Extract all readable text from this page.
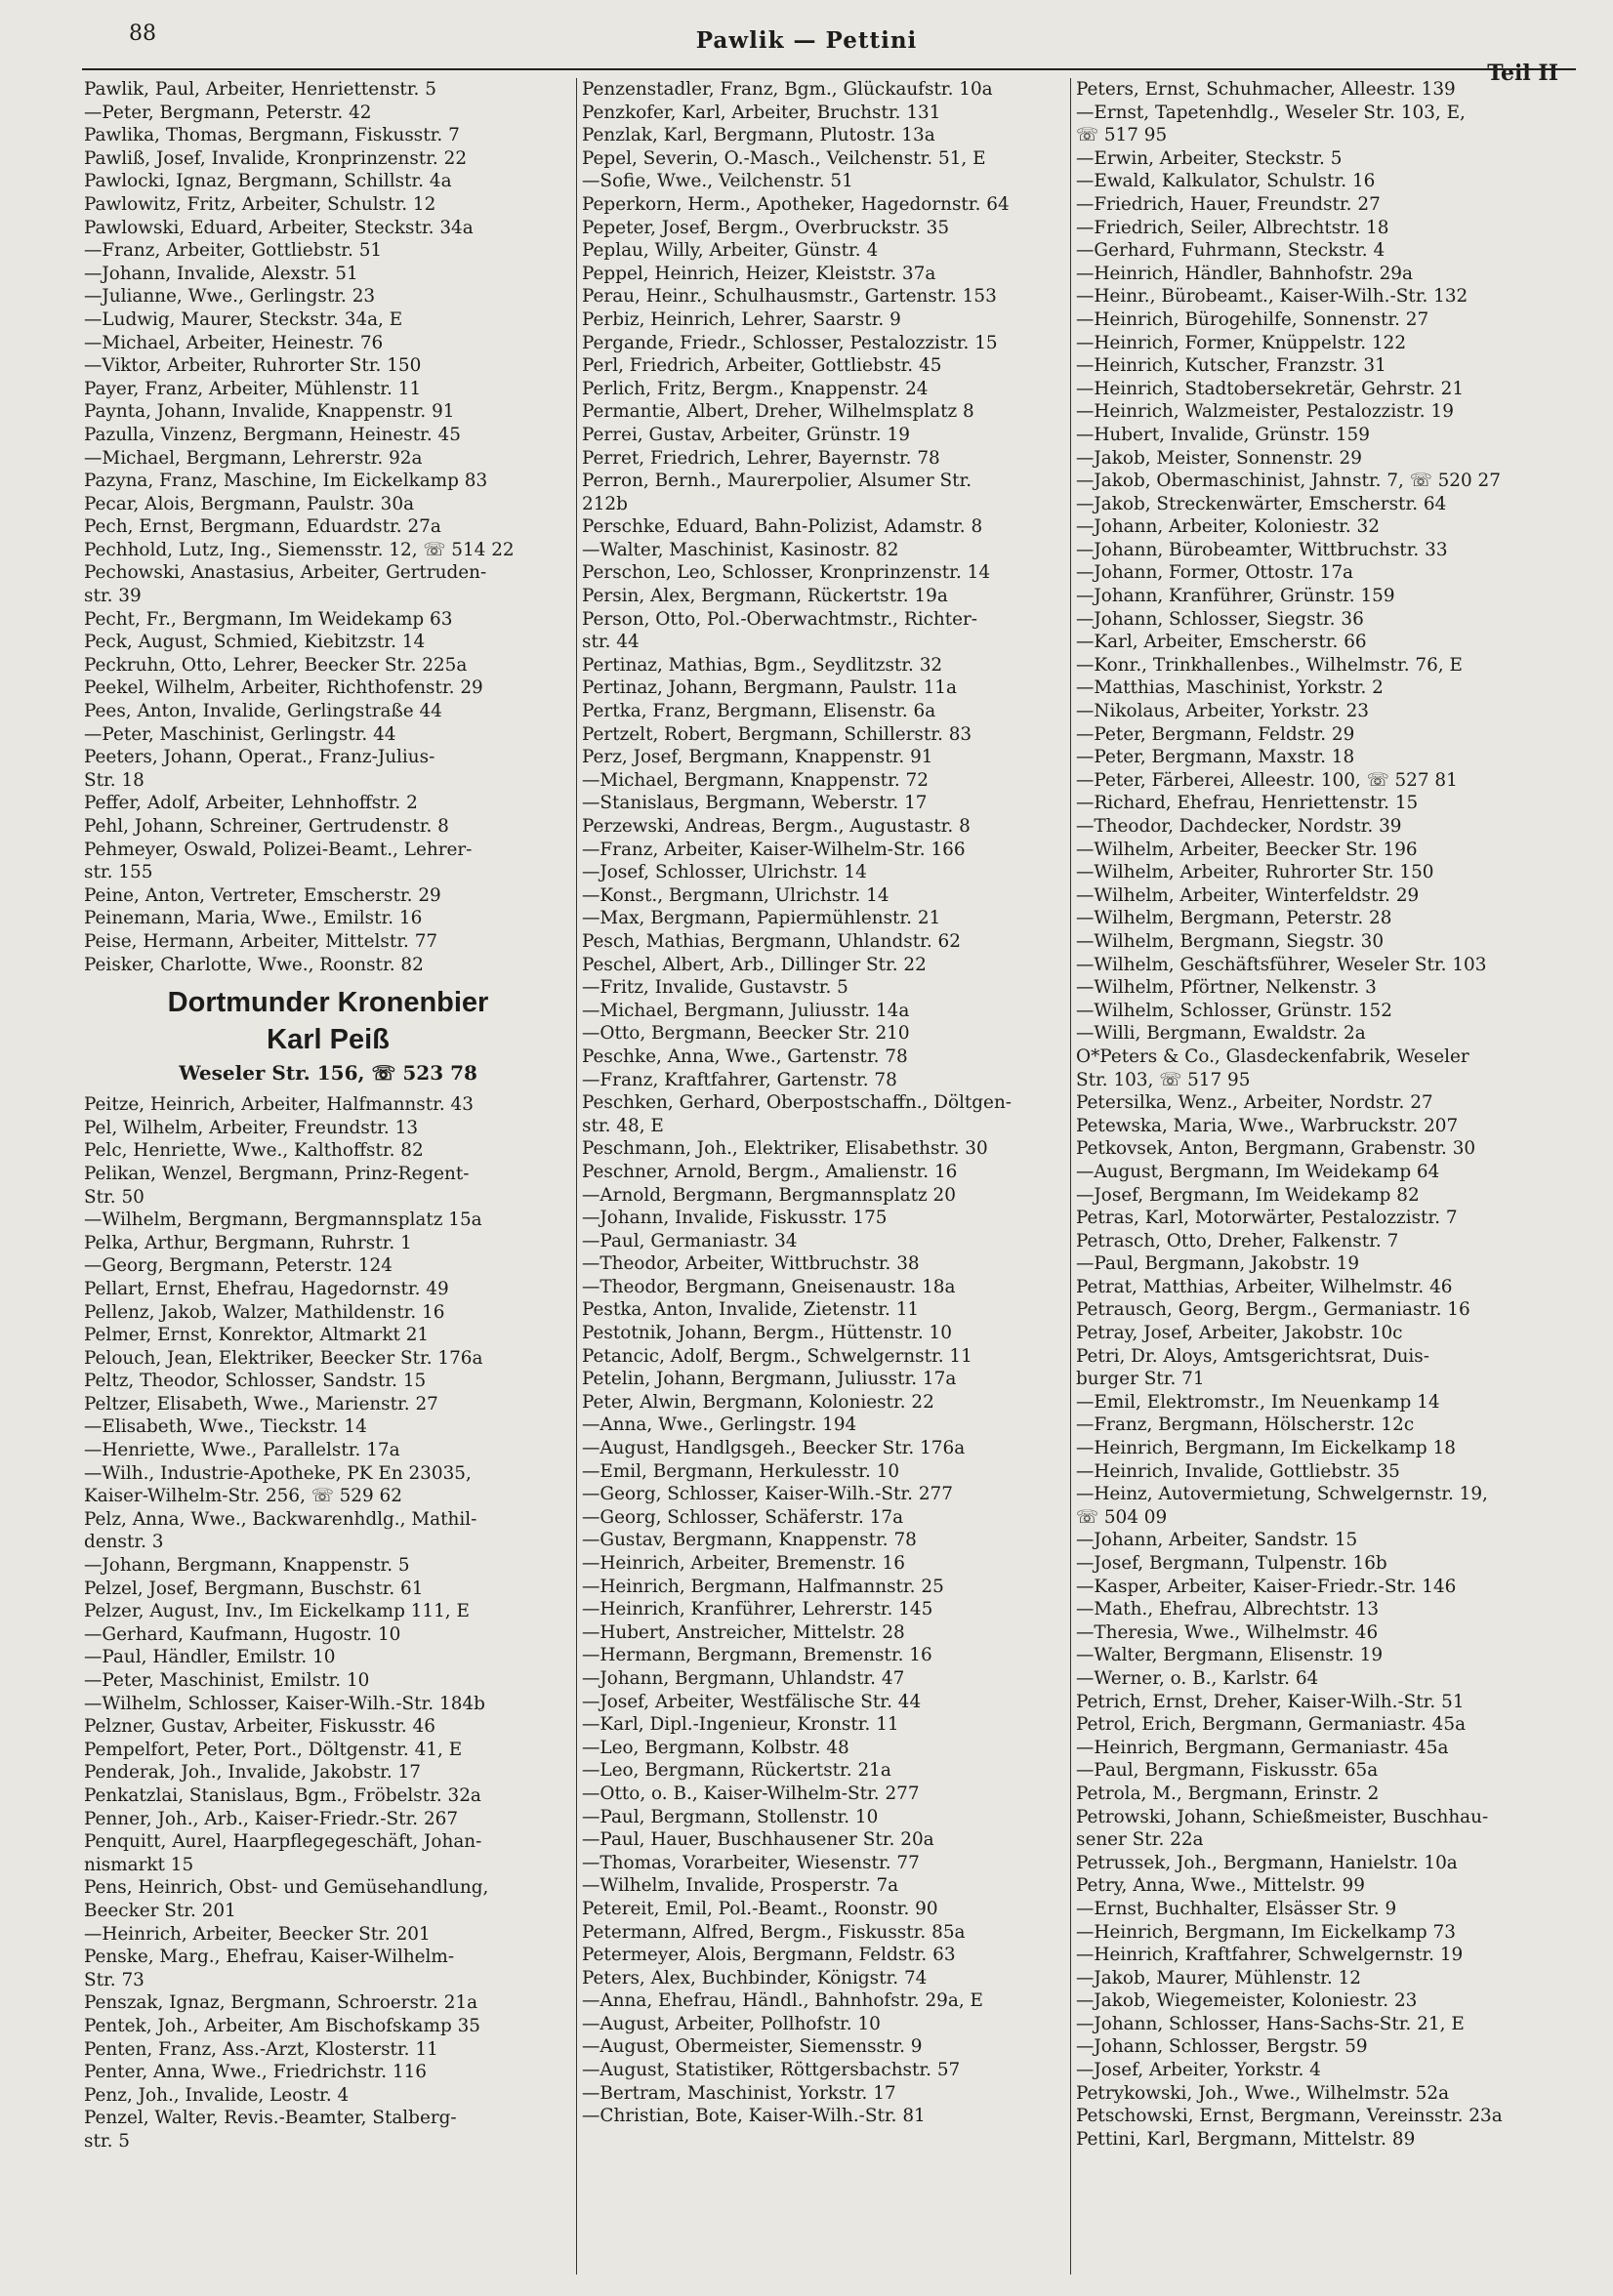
88	Pawlik — Pettini
Teil II
Pawlik, Paul, Arbeiter, Henriettenstr. 5
—Peter, Bergmann, Peterstr. 42
Pawlika, Thomas, Bergmann, Fiskusstr. 7
Pawliß, Josef, Invalide, Kronprinzenstr. 22
Pawlocki, Ignaz, Bergmann, Schillstr. 4a
Pawlowitz, Fritz, Arbeiter, Schulstr. 12
Pawlowski, Eduard, Arbeiter, Steckstr. 34a
—Franz, Arbeiter, Gottliebstr. 51
—Johann, Invalide, Alexstr. 51
—Julianne, Wwe., Gerlingstr. 23
—Ludwig, Maurer, Steckstr. 34a, E
—Michael, Arbeiter, Heinestr. 76
—Viktor, Arbeiter, Ruhrorter Str. 150
Payer, Franz, Arbeiter, Mühlenstr. 11
Paynta, Johann, Invalide, Knappenstr. 91
Pazulla, Vinzenz, Bergmann, Heinestr. 45
—Michael, Bergmann, Lehrerstr. 92a
Pazyna, Franz, Maschine, Im Eickelkamp 83
Pecar, Alois, Bergmann, Paulstr. 30a
Pech, Ernst, Bergmann, Eduardstr. 27a
Pechhold, Lutz, Ing., Siemensstr. 12, ☏ 514 22
Pechowski, Anastasius, Arbeiter, Gertruden-
str. 39
Pecht, Fr., Bergmann, Im Weidekamp 63
Peck, August, Schmied, Kiebitzstr. 14
Peckruhn, Otto, Lehrer, Beecker Str. 225a
Peekel, Wilhelm, Arbeiter, Richthofenstr. 29
Pees, Anton, Invalide, Gerlingstraße 44
—Peter, Maschinist, Gerlingstr. 44
Peeters, Johann, Operat., Franz-Julius-
Str. 18
Peffer, Adolf, Arbeiter, Lehnhoffstr. 2
Pehl, Johann, Schreiner, Gertrudenstr. 8
Pehmeyer, Oswald, Polizei-Beamt., Lehrer-
str. 155
Peine, Anton, Vertreter, Emscherstr. 29
Peinemann, Maria, Wwe., Emilstr. 16
Peise, Hermann, Arbeiter, Mittelstr. 77
Peisker, Charlotte, Wwe., Roonstr. 82
Dortmunder Kronenbier
Karl Peiß
Weseler Str. 156, ☏ 523 78
Peitze, Heinrich, Arbeiter, Halfmannstr. 43
Pel, Wilhelm, Arbeiter, Freundstr. 13
Pelc, Henriette, Wwe., Kalthoffstr. 82
Pelikan, Wenzel, Bergmann, Prinz-Regent-
Str. 50
—Wilhelm, Bergmann, Bergmannsplatz 15a
Pelka, Arthur, Bergmann, Ruhrstr. 1
—Georg, Bergmann, Peterstr. 124
Pellart, Ernst, Ehefrau, Hagedornstr. 49
Pellenz, Jakob, Walzer, Mathildenstr. 16
Pelmer, Ernst, Konrektor, Altmarkt 21
Pelouch, Jean, Elektriker, Beecker Str. 176a
Peltz, Theodor, Schlosser, Sandstr. 15
Peltzer, Elisabeth, Wwe., Marienstr. 27
—Elisabeth, Wwe., Tieckstr. 14
—Henriette, Wwe., Parallelstr. 17a
—Wilh., Industrie-Apotheke, PK En 23035,
Kaiser-Wilhelm-Str. 256, ☏ 529 62
Pelz, Anna, Wwe., Backwarenhdlg., Mathil-
denstr. 3
—Johann, Bergmann, Knappenstr. 5
Pelzel, Josef, Bergmann, Buschstr. 61
Pelzer, August, Inv., Im Eickelkamp 111, E
—Gerhard, Kaufmann, Hugostr. 10
—Paul, Händler, Emilstr. 10
—Peter, Maschinist, Emilstr. 10
—Wilhelm, Schlosser, Kaiser-Wilh.-Str. 184b
Pelzner, Gustav, Arbeiter, Fiskusstr. 46
Pempelfort, Peter, Port., Döltgenstr. 41, E
Penderak, Joh., Invalide, Jakobstr. 17
Penkatzlai, Stanislaus, Bgm., Fröbelstr. 32a
Penner, Joh., Arb., Kaiser-Friedr.-Str. 267
Penquitt, Aurel, Haarpflegegeschäft, Johan-
nismarkt 15
Pens, Heinrich, Obst- und Gemüsehandlung,
Beecker Str. 201
—Heinrich, Arbeiter, Beecker Str. 201
Penske, Marg., Ehefrau, Kaiser-Wilhelm-
Str. 73
Penszak, Ignaz, Bergmann, Schroerstr. 21a
Pentek, Joh., Arbeiter, Am Bischofskamp 35
Penten, Franz, Ass.-Arzt, Klosterstr. 11
Penter, Anna, Wwe., Friedrichstr. 116
Penz, Joh., Invalide, Leostr. 4
Penzel, Walter, Revis.-Beamter, Stalberg-
str. 5
Penzenstadler, Franz, Bgm., Glückaufstr. 10a
Penzkofer, Karl, Arbeiter, Bruchstr. 131
Penzlak, Karl, Bergmann, Plutostr. 13a
Pepel, Severin, O.-Masch., Veilchenstr. 51, E
—Sofie, Wwe., Veilchenstr. 51
Peperkorn, Herm., Apotheker, Hagedornstr. 64
Pepeter, Josef, Bergm., Overbruckstr. 35
Peplau, Willy, Arbeiter, Günstr. 4
Peppel, Heinrich, Heizer, Kleiststr. 37a
Perau, Heinr., Schulhausmstr., Gartenstr. 153
Perbiz, Heinrich, Lehrer, Saarstr. 9
Pergande, Friedr., Schlosser, Pestalozzistr. 15
Perl, Friedrich, Arbeiter, Gottliebstr. 45
Perlich, Fritz, Bergm., Knappenstr. 24
Permantie, Albert, Dreher, Wilhelmsplatz 8
Perrei, Gustav, Arbeiter, Grünstr. 19
Perret, Friedrich, Lehrer, Bayernstr. 78
Perron, Bernh., Maurerpolier, Alsumer Str.
212b
Perschke, Eduard, Bahn-Polizist, Adamstr. 8
—Walter, Maschinist, Kasinostr. 82
Perschon, Leo, Schlosser, Kronprinzenstr. 14
Persin, Alex, Bergmann, Rückertstr. 19a
Person, Otto, Pol.-Oberwachtmstr., Richter-
str. 44
Pertinaz, Mathias, Bgm., Seydlitzstr. 32
Pertinaz, Johann, Bergmann, Paulstr. 11a
Pertka, Franz, Bergmann, Elisenstr. 6a
Pertzelt, Robert, Bergmann, Schillerstr. 83
Perz, Josef, Bergmann, Knappenstr. 91
—Michael, Bergmann, Knappenstr. 72
—Stanislaus, Bergmann, Weberstr. 17
Perzewski, Andreas, Bergm., Augustastr. 8
—Franz, Arbeiter, Kaiser-Wilhelm-Str. 166
—Josef, Schlosser, Ulrichstr. 14
—Konst., Bergmann, Ulrichstr. 14
—Max, Bergmann, Papiermühlenstr. 21
Pesch, Mathias, Bergmann, Uhlandstr. 62
Peschel, Albert, Arb., Dillinger Str. 22
—Fritz, Invalide, Gustavstr. 5
—Michael, Bergmann, Juliusstr. 14a
—Otto, Bergmann, Beecker Str. 210
Peschke, Anna, Wwe., Gartenstr. 78
—Franz, Kraftfahrer, Gartenstr. 78
Peschken, Gerhard, Oberpostschaffn., Döltgen-
str. 48, E
Peschmann, Joh., Elektriker, Elisabethstr. 30
Peschner, Arnold, Bergm., Amalienstr. 16
—Arnold, Bergmann, Bergmannsplatz 20
—Johann, Invalide, Fiskusstr. 175
—Paul, Germaniastr. 34
—Theodor, Arbeiter, Wittbruchstr. 38
—Theodor, Bergmann, Gneisenaustr. 18a
Pestka, Anton, Invalide, Zietenstr. 11
Pestotnik, Johann, Bergm., Hüttenstr. 10
Petancic, Adolf, Bergm., Schwelgernstr. 11
Petelin, Johann, Bergmann, Juliusstr. 17a
Peter, Alwin, Bergmann, Koloniestr. 22
—Anna, Wwe., Gerlingstr. 194
—August, Handlgsgeh., Beecker Str. 176a
—Emil, Bergmann, Herkulesstr. 10
—Georg, Schlosser, Kaiser-Wilh.-Str. 277
—Georg, Schlosser, Schäferstr. 17a
—Gustav, Bergmann, Knappenstr. 78
—Heinrich, Arbeiter, Bremenstr. 16
—Heinrich, Bergmann, Halfmannstr. 25
—Heinrich, Kranführer, Lehrerstr. 145
—Hubert, Anstreicher, Mittelstr. 28
—Hermann, Bergmann, Bremenstr. 16
—Johann, Bergmann, Uhlandstr. 47
—Josef, Arbeiter, Westfälische Str. 44
—Karl, Dipl.-Ingenieur, Kronstr. 11
—Leo, Bergmann, Kolbstr. 48
—Leo, Bergmann, Rückertstr. 21a
—Otto, o. B., Kaiser-Wilhelm-Str. 277
—Paul, Bergmann, Stollenstr. 10
—Paul, Hauer, Buschhausener Str. 20a
—Thomas, Vorarbeiter, Wiesenstr. 77
—Wilhelm, Invalide, Prosperstr. 7a
Petereit, Emil, Pol.-Beamt., Roonstr. 90
Petermann, Alfred, Bergm., Fiskusstr. 85a
Petermeyer, Alois, Bergmann, Feldstr. 63
Peters, Alex, Buchbinder, Königstr. 74
—Anna, Ehefrau, Händl., Bahnhofstr. 29a, E
—August, Arbeiter, Pollhofstr. 10
—August, Obermeister, Siemensstr. 9
—August, Statistiker, Röttgersbachstr. 57
—Bertram, Maschinist, Yorkstr. 17
—Christian, Bote, Kaiser-Wilh.-Str. 81
Peters, Ernst, Schuhmacher, Alleestr. 139
—Ernst, Tapetenhdlg., Weseler Str. 103, E,
☏ 517 95
—Erwin, Arbeiter, Steckstr. 5
—Ewald, Kalkulator, Schulstr. 16
—Friedrich, Hauer, Freundstr. 27
—Friedrich, Seiler, Albrechtstr. 18
—Gerhard, Fuhrmann, Steckstr. 4
—Heinrich, Händler, Bahnhofstr. 29a
—Heinr., Bürobeamt., Kaiser-Wilh.-Str. 132
—Heinrich, Bürogehilfe, Sonnenstr. 27
—Heinrich, Former, Knüppelstr. 122
—Heinrich, Kutscher, Franzstr. 31
—Heinrich, Stadtobersekretär, Gehrstr. 21
—Heinrich, Walzmeister, Pestalozzistr. 19
—Hubert, Invalide, Grünstr. 159
—Jakob, Meister, Sonnenstr. 29
—Jakob, Obermaschinist, Jahnstr. 7, ☏ 520 27
—Jakob, Streckenwärter, Emscherstr. 64
—Johann, Arbeiter, Koloniestr. 32
—Johann, Bürobeamter, Wittbruchstr. 33
—Johann, Former, Ottostr. 17a
—Johann, Kranführer, Grünstr. 159
—Johann, Schlosser, Siegstr. 36
—Karl, Arbeiter, Emscherstr. 66
—Konr., Trinkhallenbes., Wilhelmstr. 76, E
—Matthias, Maschinist, Yorkstr. 2
—Nikolaus, Arbeiter, Yorkstr. 23
—Peter, Bergmann, Feldstr. 29
—Peter, Bergmann, Maxstr. 18
—Peter, Färberei, Alleestr. 100, ☏ 527 81
—Richard, Ehefrau, Henriettenstr. 15
—Theodor, Dachdecker, Nordstr. 39
—Wilhelm, Arbeiter, Beecker Str. 196
—Wilhelm, Arbeiter, Ruhrorter Str. 150
—Wilhelm, Arbeiter, Winterfeldstr. 29
—Wilhelm, Bergmann, Peterstr. 28
—Wilhelm, Bergmann, Siegstr. 30
—Wilhelm, Geschäftsführer, Weseler Str. 103
—Wilhelm, Pförtner, Nelkenstr. 3
—Wilhelm, Schlosser, Grünstr. 152
—Willi, Bergmann, Ewaldstr. 2a
O*Peters & Co., Glasdeckenfabrik, Weseler
Str. 103, ☏ 517 95
Petersilka, Wenz., Arbeiter, Nordstr. 27
Petewska, Maria, Wwe., Warbruckstr. 207
Petkovsek, Anton, Bergmann, Grabenstr. 30
—August, Bergmann, Im Weidekamp 64
—Josef, Bergmann, Im Weidekamp 82
Petras, Karl, Motorwärter, Pestalozzistr. 7
Petrasch, Otto, Dreher, Falkenstr. 7
—Paul, Bergmann, Jakobstr. 19
Petrat, Matthias, Arbeiter, Wilhelmstr. 46
Petrausch, Georg, Bergm., Germaniastr. 16
Petray, Josef, Arbeiter, Jakobstr. 10c
Petri, Dr. Aloys, Amtsgerichtsrat, Duis-
burger Str. 71
—Emil, Elektromstr., Im Neuenkamp 14
—Franz, Bergmann, Hölscherstr. 12c
—Heinrich, Bergmann, Im Eickelkamp 18
—Heinrich, Invalide, Gottliebstr. 35
—Heinz, Autovermietung, Schwelgernstr. 19,
☏ 504 09
—Johann, Arbeiter, Sandstr. 15
—Josef, Bergmann, Tulpenstr. 16b
—Kasper, Arbeiter, Kaiser-Friedr.-Str. 146
—Math., Ehefrau, Albrechtstr. 13
—Theresia, Wwe., Wilhelmstr. 46
—Walter, Bergmann, Elisenstr. 19
—Werner, o. B., Karlstr. 64
Petrich, Ernst, Dreher, Kaiser-Wilh.-Str. 51
Petrol, Erich, Bergmann, Germaniastr. 45a
—Heinrich, Bergmann, Germaniastr. 45a
—Paul, Bergmann, Fiskusstr. 65a
Petrola, M., Bergmann, Erinstr. 2
Petrowski, Johann, Schießmeister, Buschhau-
sener Str. 22a
Petrussek, Joh., Bergmann, Hanielstr. 10a
Petry, Anna, Wwe., Mittelstr. 99
—Ernst, Buchhalter, Elsässer Str. 9
—Heinrich, Bergmann, Im Eickelkamp 73
—Heinrich, Kraftfahrer, Schwelgernstr. 19
—Jakob, Maurer, Mühlenstr. 12
—Jakob, Wiegemeister, Koloniestr. 23
—Johann, Schlosser, Hans-Sachs-Str. 21, E
—Johann, Schlosser, Bergstr. 59
—Josef, Arbeiter, Yorkstr. 4
Petrykowski, Joh., Wwe., Wilhelmstr. 52a
Petschowski, Ernst, Bergmann, Vereinsstr. 23a
Pettini, Karl, Bergmann, Mittelstr. 89
